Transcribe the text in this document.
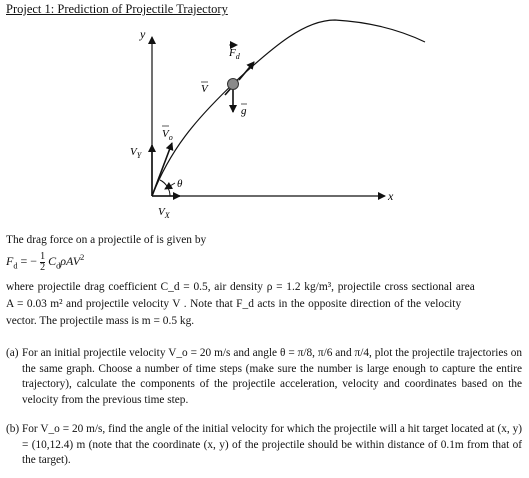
Project 1: Prediction of Projectile Trajectory
y
x
$F_d$
V
g
$V_o$
$V_Y$
$V_X$
θ
The drag force on a projectile of is given by
$F_d$ = − $\frac{1}{2} C_d\rho AV^2$
where projectile drag coefficient C_d = 0.5, air density ρ = 1.2 kg/m³, projectile cross sectional area
A = 0.03 m² and projectile velocity V . Note that F_d acts in the opposite direction of the velocity
vector. The projectile mass is m = 0.5 kg.
(a) For an initial projectile velocity V_o = 20 m/s and angle θ = π/8, π/6 and π/4, plot the projectile trajectories on the same graph. Choose a number of time steps (make sure the number is large enough to capture the entire trajectory), calculate the components of the projectile acceleration, velocity and coordinates based on the velocity from the previous time step.
(b) For V_o = 20 m/s, find the angle of the initial velocity for which the projectile will a hit target located at (x, y) = (10,12.4) m (note that the coordinate (x, y) of the projectile should be within distance of 0.1m from that of the target).
